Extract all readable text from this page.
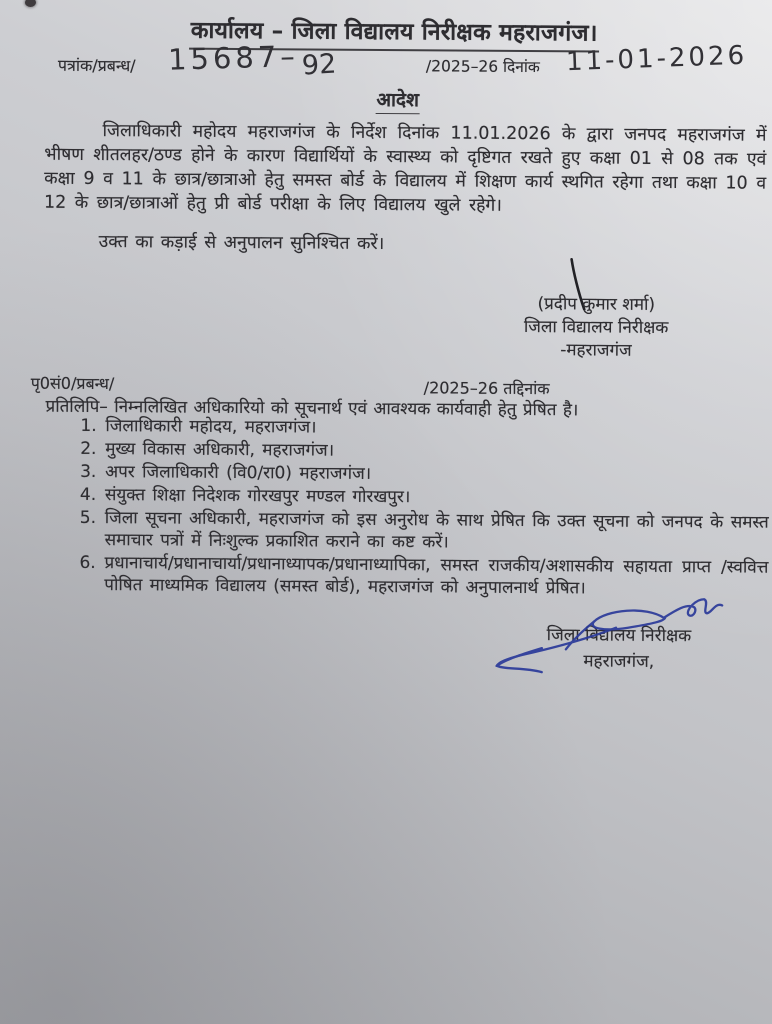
कार्यालय – जिला विद्यालय निरीक्षक महराजगंज।
पत्रांक/प्रबन्ध/ 15687– 92	/2025–26 दिनांक 11-01-2026
आदेश
जिलाधिकारी महोदय महराजगंज के निर्देश दिनांक 11.01.2026 के द्वारा जनपद महराजगंज में भीषण शीतलहर/ठण्ड होने के कारण विद्यार्थियों के स्वास्थ्य को दृष्टिगत रखते हुए कक्षा 01 से 08 तक एवं कक्षा 9 व 11 के छात्र/छात्राओ हेतु समस्त बोर्ड के विद्यालय में शिक्षण कार्य स्थगित रहेगा तथा कक्षा 10 व 12 के छात्र/छात्राओं हेतु प्री बोर्ड परीक्षा के लिए विद्यालय खुले रहेगे।
उक्त का कड़ाई से अनुपालन सुनिश्चित करें।
(प्रदीप कुमार शर्मा)
जिला विद्यालय निरीक्षक
-महराजगंज
पृ0सं0/प्रबन्ध/	/2025–26 तद्दिनांक
प्रतिलिपि– निम्नलिखित अधिकारियो को सूचनार्थ एवं आवश्यक कार्यवाही हेतु प्रेषित है।
1. जिलाधिकारी महोदय, महराजगंज।
2. मुख्य विकास अधिकारी, महराजगंज।
3. अपर जिलाधिकारी (वि0/रा0) महराजगंज।
4. संयुक्त शिक्षा निदेशक गोरखपुर मण्डल गोरखपुर।
5. जिला सूचना अधिकारी, महराजगंज को इस अनुरोध के साथ प्रेषित कि उक्त सूचना को जनपद के समस्त समाचार पत्रों में निःशुल्क प्रकाशित कराने का कष्ट करें।
6. प्रधानाचार्य/प्रधानाचार्या/प्रधानाध्यापक/प्रधानाध्यापिका, समस्त राजकीय/अशासकीय सहायता प्राप्त /स्ववित्त पोषित माध्यमिक विद्यालय (समस्त बोर्ड), महराजगंज को अनुपालनार्थ प्रेषित।
जिला विद्यालय निरीक्षक
महराजगंज,
